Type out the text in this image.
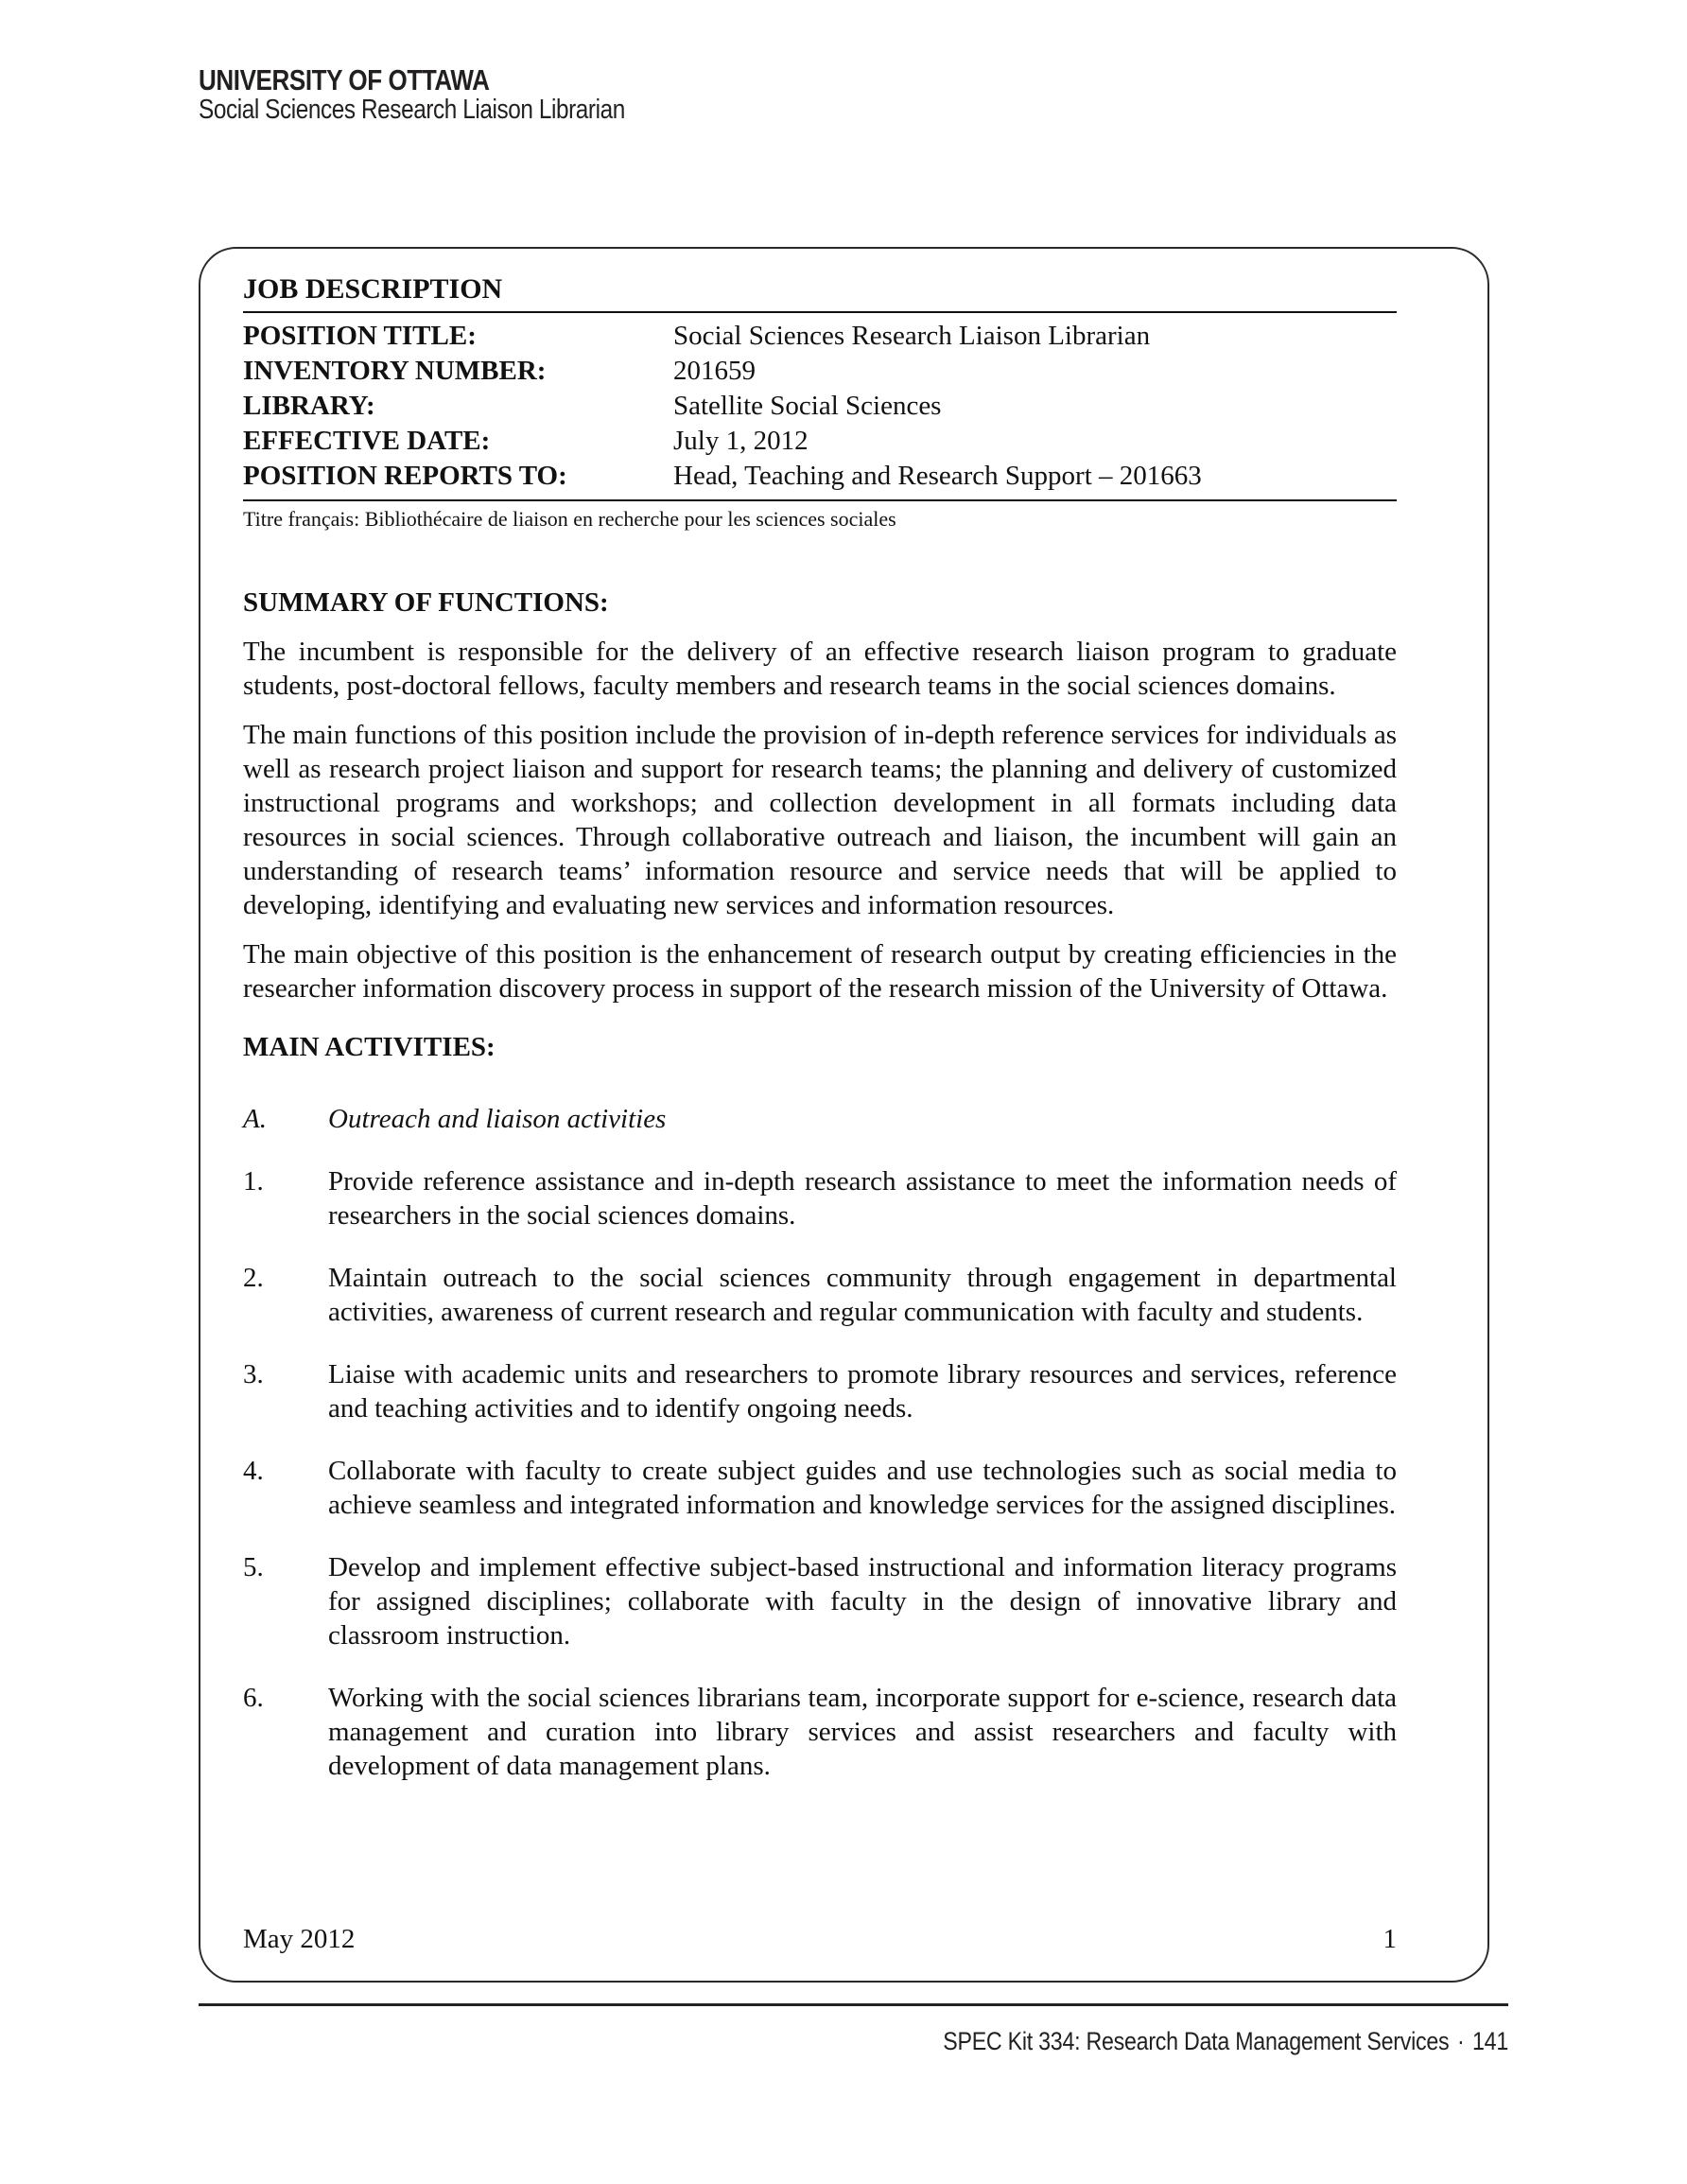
UNIVERSITY OF OTTAWA
Social Sciences Research Liaison Librarian
JOB DESCRIPTION
POSITION TITLE:	Social Sciences Research Liaison Librarian
INVENTORY NUMBER:	201659
LIBRARY:	Satellite Social Sciences
EFFECTIVE DATE:	July 1, 2012
POSITION REPORTS TO:	Head, Teaching and Research Support – 201663
Titre français: Bibliothécaire de liaison en recherche pour les sciences sociales
SUMMARY OF FUNCTIONS:

The incumbent is responsible for the delivery of an effective research liaison program to graduate students, post-doctoral fellows, faculty members and research teams in the social sciences domains.

The main functions of this position include the provision of in-depth reference services for individuals as well as research project liaison and support for research teams; the planning and delivery of customized instructional programs and workshops; and collection development in all formats including data resources in social sciences. Through collaborative outreach and liaison, the incumbent will gain an understanding of research teams’ information resource and service needs that will be applied to developing, identifying and evaluating new services and information resources.

The main objective of this position is the enhancement of research output by creating efficiencies in the researcher information discovery process in support of the research mission of the University of Ottawa.

MAIN ACTIVITIES:
A.	Outreach and liaison activities
1.	Provide reference assistance and in-depth research assistance to meet the information needs of researchers in the social sciences domains.
2.	Maintain outreach to the social sciences community through engagement in departmental activities, awareness of current research and regular communication with faculty and students.
3.	Liaise with academic units and researchers to promote library resources and services, reference and teaching activities and to identify ongoing needs.
4.	Collaborate with faculty to create subject guides and use technologies such as social media to achieve seamless and integrated information and knowledge services for the assigned disciplines.
5.	Develop and implement effective subject-based instructional and information literacy programs for assigned disciplines; collaborate with faculty in the design of innovative library and classroom instruction.
6.	Working with the social sciences librarians team, incorporate support for e-science, research data management and curation into library services and assist researchers and faculty with development of data management plans.
May 2012	1
SPEC Kit 334: Research Data Management Services · 141
